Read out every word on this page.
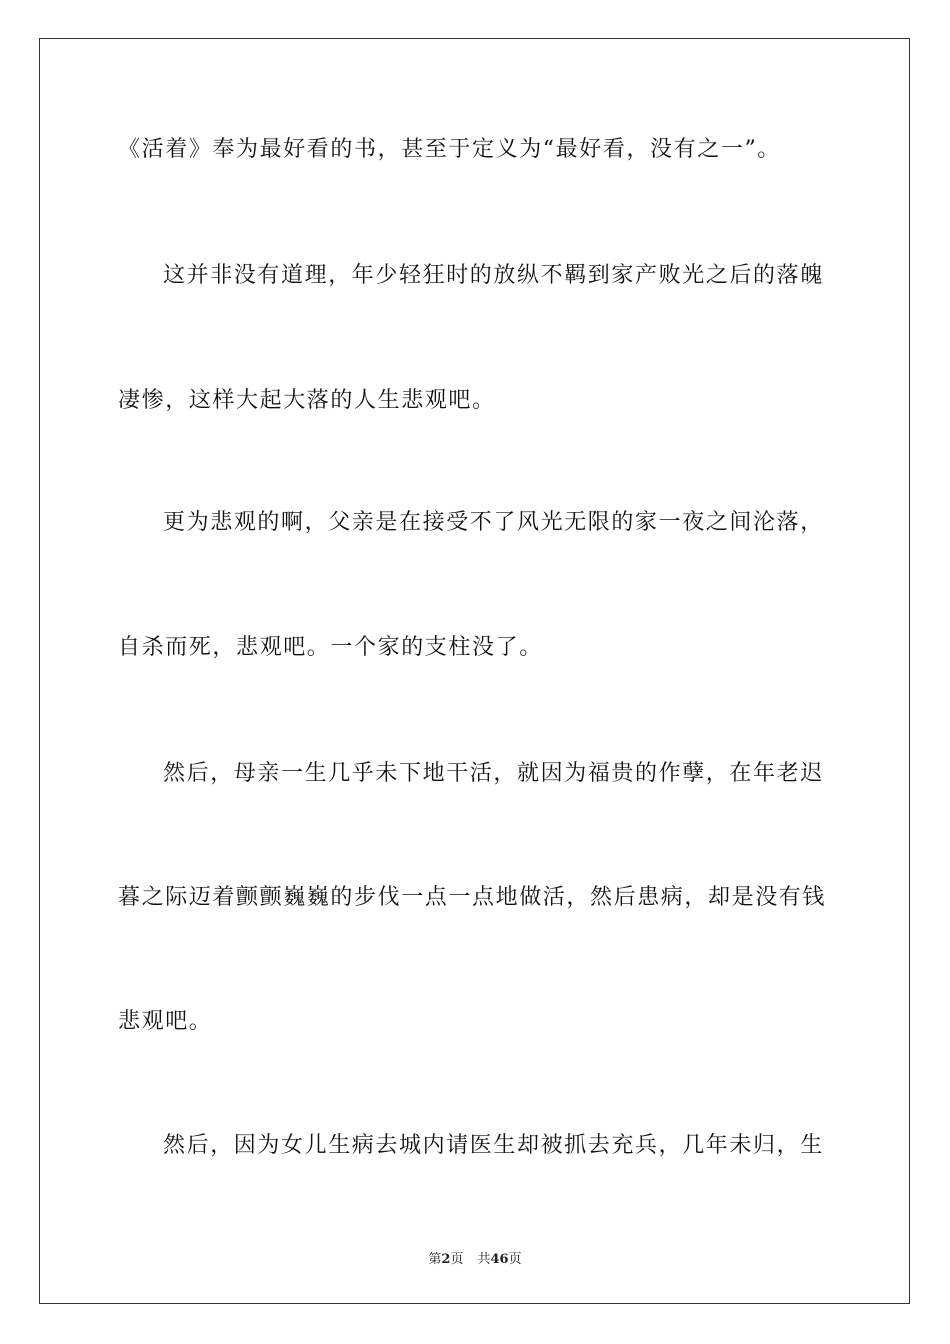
《活着》奉为最好看的书，甚至于定义为“最好看，没有之一”。
这并非没有道理，年少轻狂时的放纵不羁到家产败光之后的落魄
凄惨，这样大起大落的人生悲观吧。
更为悲观的啊，父亲是在接受不了风光无限的家一夜之间沦落，
自杀而死，悲观吧。一个家的支柱没了。
然后，母亲一生几乎未下地干活，就因为福贵的作孽，在年老迟
暮之际迈着颤颤巍巍的步伐一点一点地做活，然后患病，却是没有钱
悲观吧。
然后，因为女儿生病去城内请医生却被抓去充兵，几年未归，生
第2页 共46页
